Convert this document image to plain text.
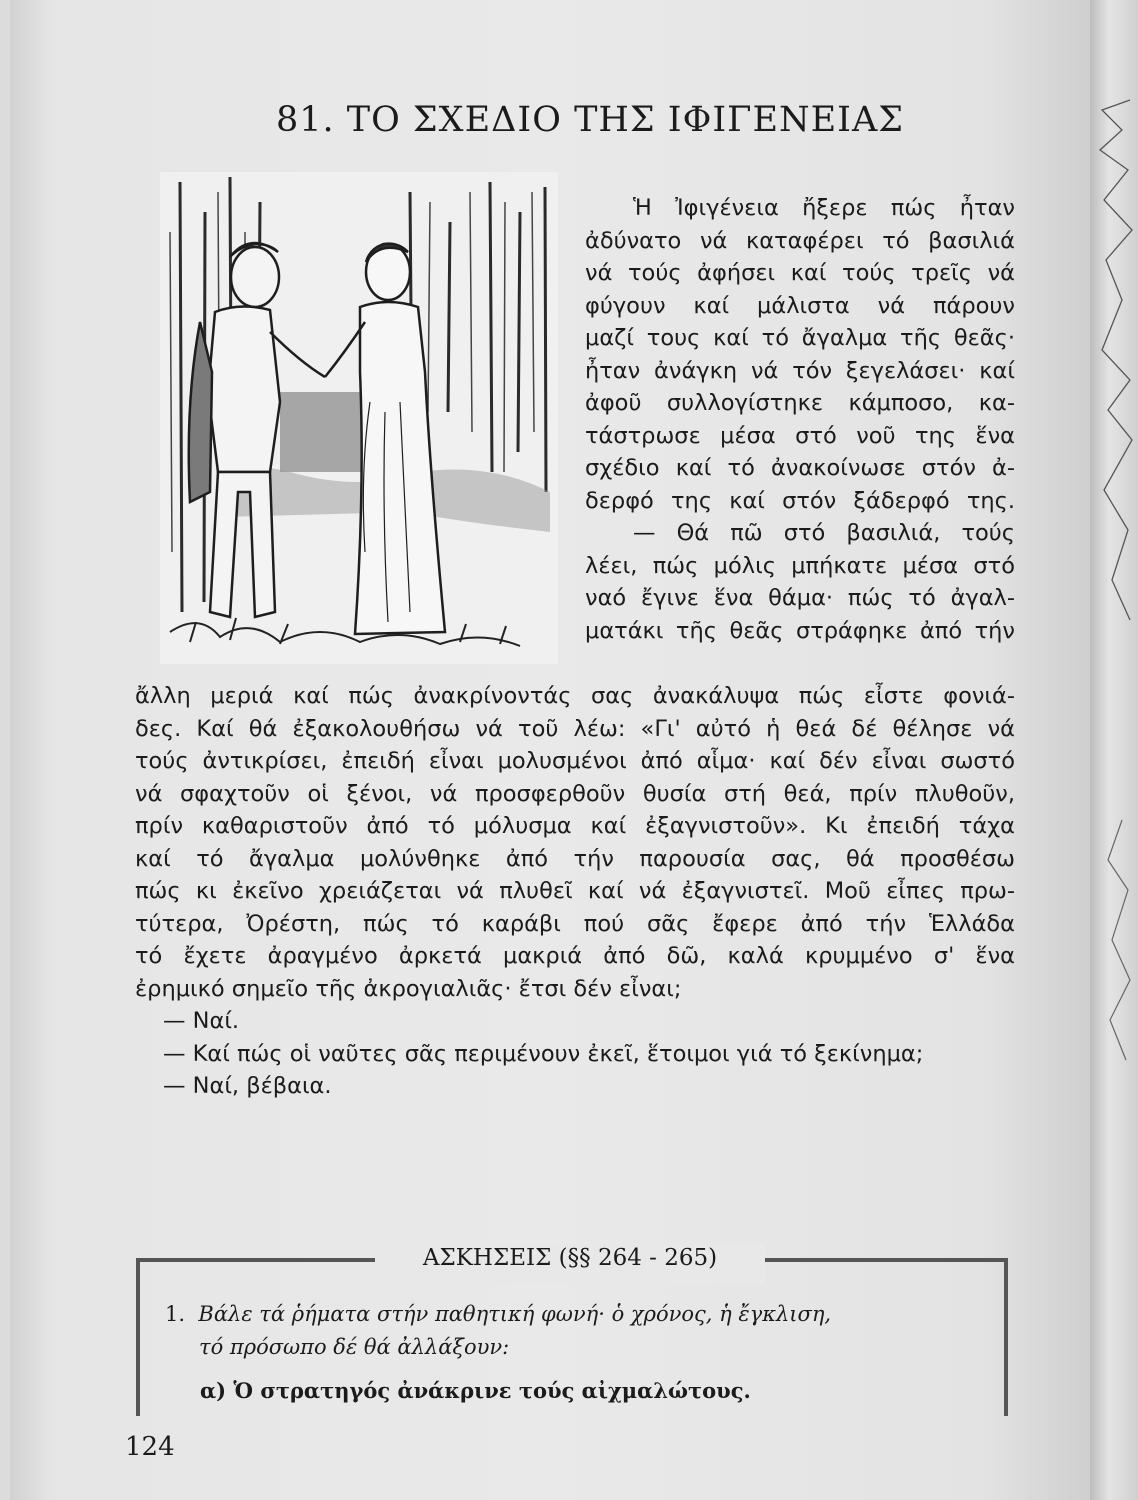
81. ΤΟ ΣΧΕΔΙΟ ΤΗΣ ΙΦΙΓΕΝΕΙΑΣ
Ἡ Ἰφιγένεια ἤξερε πώς ἦταν
ἀδύνατο νά καταφέρει τό βασιλιά
νά τούς ἀφήσει καί τούς τρεῖς νά
φύγουν καί μάλιστα νά πάρουν
μαζί τους καί τό ἄγαλμα τῆς θεᾶς·
ἦταν ἀνάγκη νά τόν ξεγελάσει· καί
ἀφοῦ συλλογίστηκε κάμποσο, κα-
τάστρωσε μέσα στό νοῦ της ἕνα
σχέδιο καί τό ἀνακοίνωσε στόν ἀ-
δερφό της καί στόν ξάδερφό της.
— Θά πῶ στό βασιλιά, τούς
λέει, πώς μόλις μπήκατε μέσα στό
ναό ἔγινε ἕνα θάμα· πώς τό ἀγαλ-
ματάκι τῆς θεᾶς στράφηκε ἀπό τήν
ἄλλη μεριά καί πώς ἀνακρίνοντάς σας ἀνακάλυψα πώς εἶστε φονιά-
δες. Καί θά ἐξακολουθήσω νά τοῦ λέω: «Γι' αὐτό ἡ θεά δέ θέλησε νά
τούς ἀντικρίσει, ἐπειδή εἶναι μολυσμένοι ἀπό αἷμα· καί δέν εἶναι σωστό
νά σφαχτοῦν οἱ ξένοι, νά προσφερθοῦν θυσία στή θεά, πρίν πλυθοῦν,
πρίν καθαριστοῦν ἀπό τό μόλυσμα καί ἐξαγνιστοῦν». Κι ἐπειδή τάχα
καί τό ἄγαλμα μολύνθηκε ἀπό τήν παρουσία σας, θά προσθέσω
πώς κι ἐκεῖνο χρειάζεται νά πλυθεῖ καί νά ἐξαγνιστεῖ. Μοῦ εἶπες πρω-
τύτερα, Ὀρέστη, πώς τό καράβι πού σᾶς ἔφερε ἀπό τήν Ἑλλάδα
τό ἔχετε ἀραγμένο ἀρκετά μακριά ἀπό δῶ, καλά κρυμμένο σ' ἕνα
ἐρημικό σημεῖο τῆς ἀκρογιαλιᾶς· ἔτσι δέν εἶναι;
— Ναί.
— Καί πώς οἱ ναῦτες σᾶς περιμένουν ἐκεῖ, ἕτοιμοι γιά τό ξεκίνημα;
— Ναί, βέβαια.
ΑΣΚΗΣΕΙΣ (§§ 264 - 265)
1. Βάλε τά ῥήματα στήν παθητική φωνή· ὁ χρόνος, ἡ ἔγκλιση,
τό πρόσωπο δέ θά ἀλλάξουν:
α) Ὁ στρατηγός ἀνάκρινε τούς αἰχμαλώτους.
124
